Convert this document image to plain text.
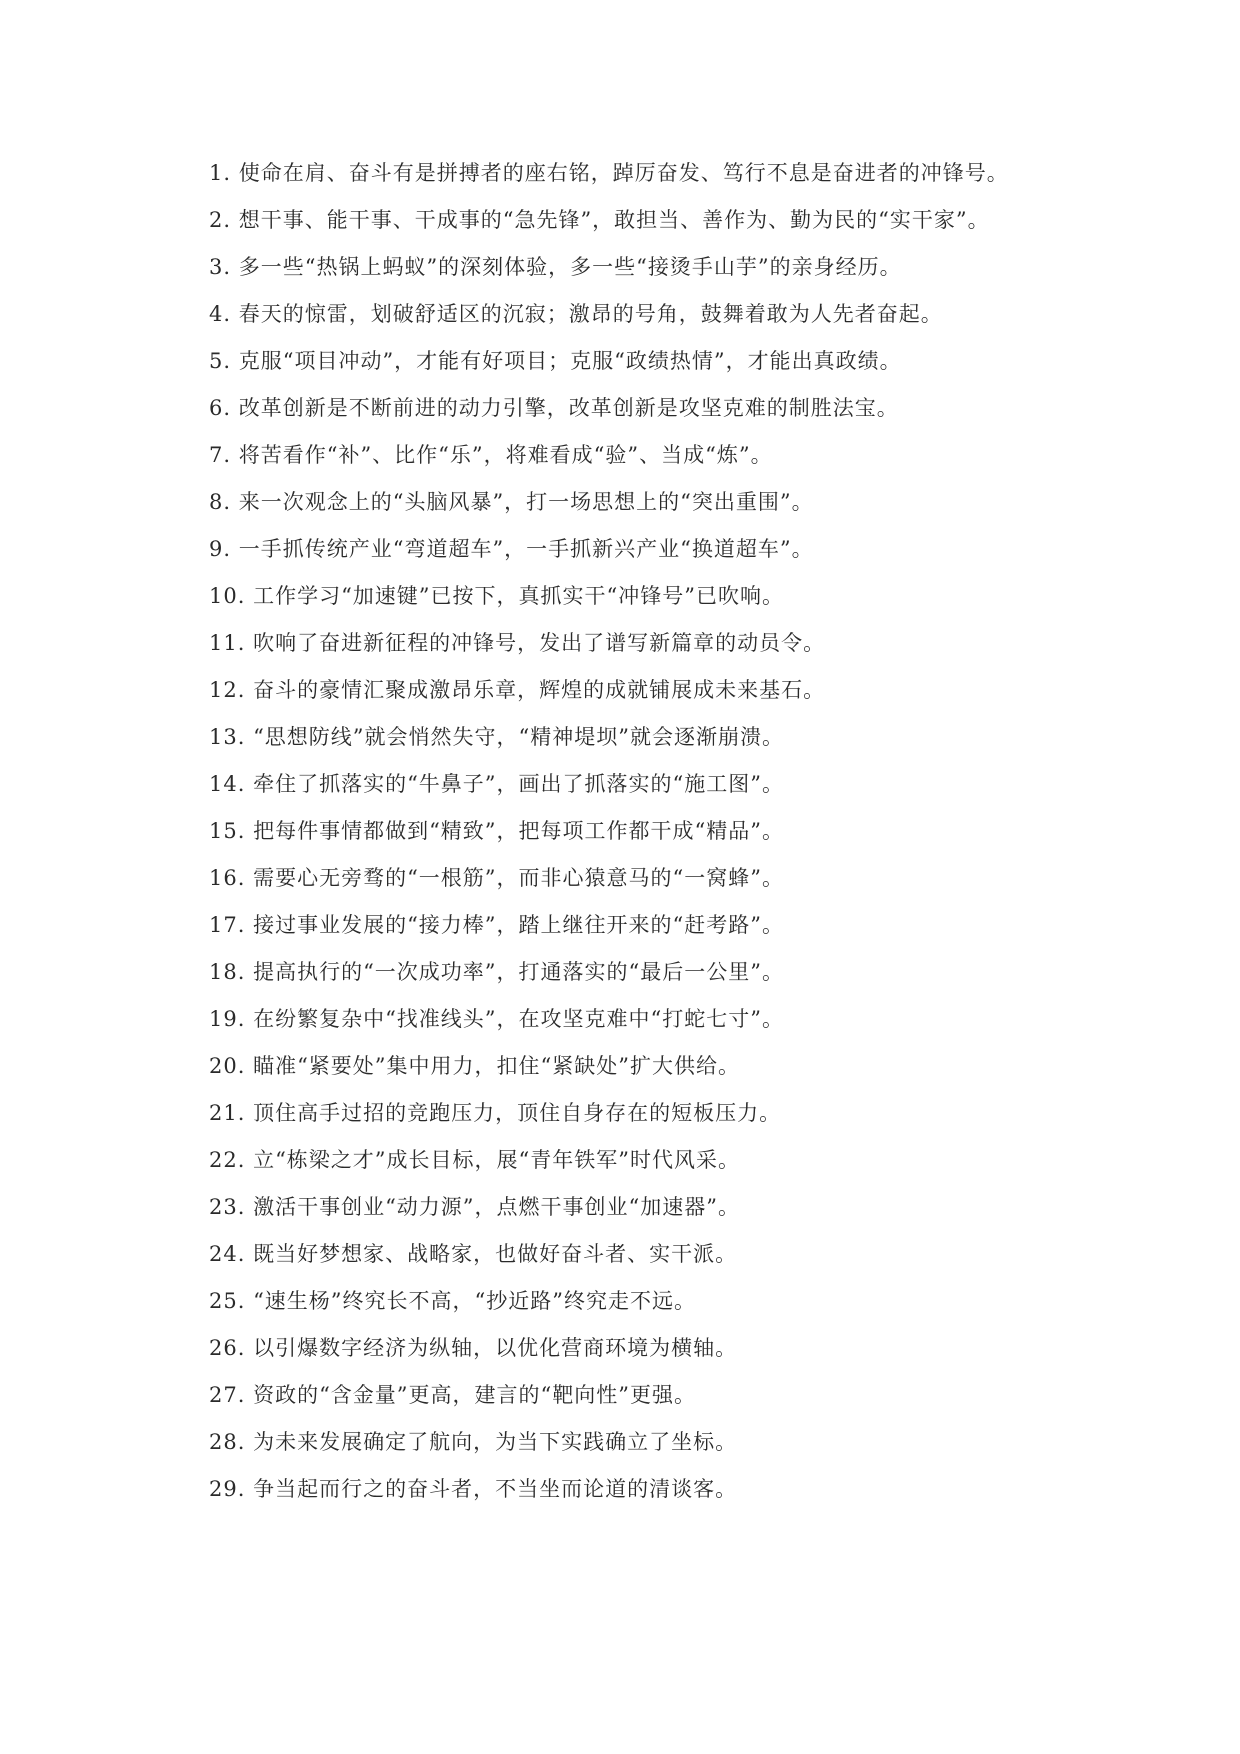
1. 使命在肩、奋斗有是拼搏者的座右铭，踔厉奋发、笃行不息是奋进者的冲锋号。

2. 想干事、能干事、干成事的“急先锋”，敢担当、善作为、勤为民的“实干家”。

3. 多一些“热锅上蚂蚁”的深刻体验，多一些“接烫手山芋”的亲身经历。

4. 春天的惊雷，划破舒适区的沉寂；激昂的号角，鼓舞着敢为人先者奋起。

5. 克服“项目冲动”，才能有好项目；克服“政绩热情”，才能出真政绩。

6. 改革创新是不断前进的动力引擎，改革创新是攻坚克难的制胜法宝。

7. 将苦看作“补”、比作“乐”，将难看成“验”、当成“炼”。

8. 来一次观念上的“头脑风暴”，打一场思想上的“突出重围”。

9. 一手抓传统产业“弯道超车”，一手抓新兴产业“换道超车”。

10. 工作学习“加速键”已按下，真抓实干“冲锋号”已吹响。

11. 吹响了奋进新征程的冲锋号，发出了谱写新篇章的动员令。

12. 奋斗的豪情汇聚成激昂乐章，辉煌的成就铺展成未来基石。

13. “思想防线”就会悄然失守，“精神堤坝”就会逐渐崩溃。

14. 牵住了抓落实的“牛鼻子”，画出了抓落实的“施工图”。

15. 把每件事情都做到“精致”，把每项工作都干成“精品”。

16. 需要心无旁骛的“一根筋”，而非心猿意马的“一窝蜂”。

17. 接过事业发展的“接力棒”，踏上继往开来的“赶考路”。

18. 提高执行的“一次成功率”，打通落实的“最后一公里”。

19. 在纷繁复杂中“找准线头”，在攻坚克难中“打蛇七寸”。

20. 瞄准“紧要处”集中用力，扣住“紧缺处”扩大供给。

21. 顶住高手过招的竞跑压力，顶住自身存在的短板压力。

22. 立“栋梁之才”成长目标，展“青年铁军”时代风采。

23. 激活干事创业“动力源”，点燃干事创业“加速器”。

24. 既当好梦想家、战略家，也做好奋斗者、实干派。

25. “速生杨”终究长不高，“抄近路”终究走不远。

26. 以引爆数字经济为纵轴，以优化营商环境为横轴。

27. 资政的“含金量”更高，建言的“靶向性”更强。

28. 为未来发展确定了航向，为当下实践确立了坐标。

29. 争当起而行之的奋斗者，不当坐而论道的清谈客。
